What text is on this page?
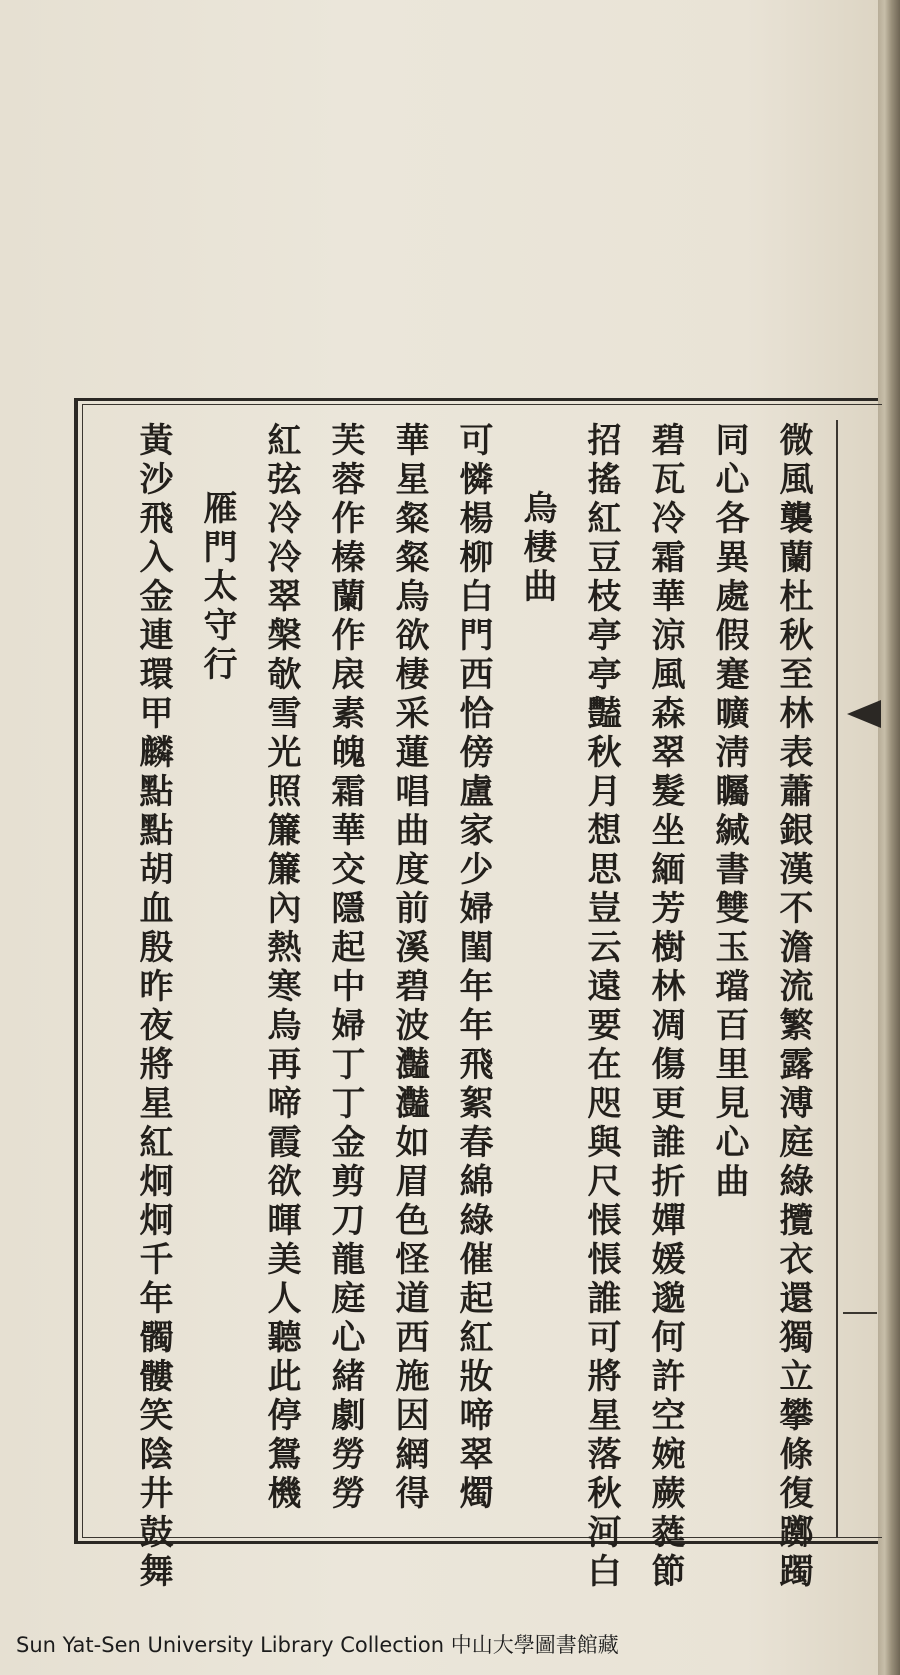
微風襲蘭杜秋至林表蕭銀漢不澹流繁露溥庭綠攬衣還獨立攀條復躑躅
同心各異處假蹇曠淸矚緘書雙玉璫百里見心曲
碧瓦冷霜華涼風森翠髮坐緬芳樹林凋傷更誰折嬋媛邈何許空婉蕨蕤節
招搖紅豆枝亭亭豔秋月想思豈云遠要在咫與尺悵悵誰可將星落秋河白
烏棲曲
可憐楊柳白門西恰傍盧家少婦閨年年飛絮春綿綠催起紅妝啼翠燭
華星粲粲烏欲棲采蓮唱曲度前溪碧波灎灎如眉色怪道西施因網得
芙蓉作榛蘭作扆素魄霜華交隱起中婦丁丁金剪刀龍庭心緒劇勞勞
紅弦冷冷翠槃欹雪光照簾簾內熱寒烏再啼霞欲暉美人聽此停鴛機
雁門太守行
黃沙飛入金連環甲麟點點胡血殷昨夜將星紅炯炯千年髑髏笑陰井鼓舞
Sun Yat-Sen University Library Collection 中山大學圖書館藏
